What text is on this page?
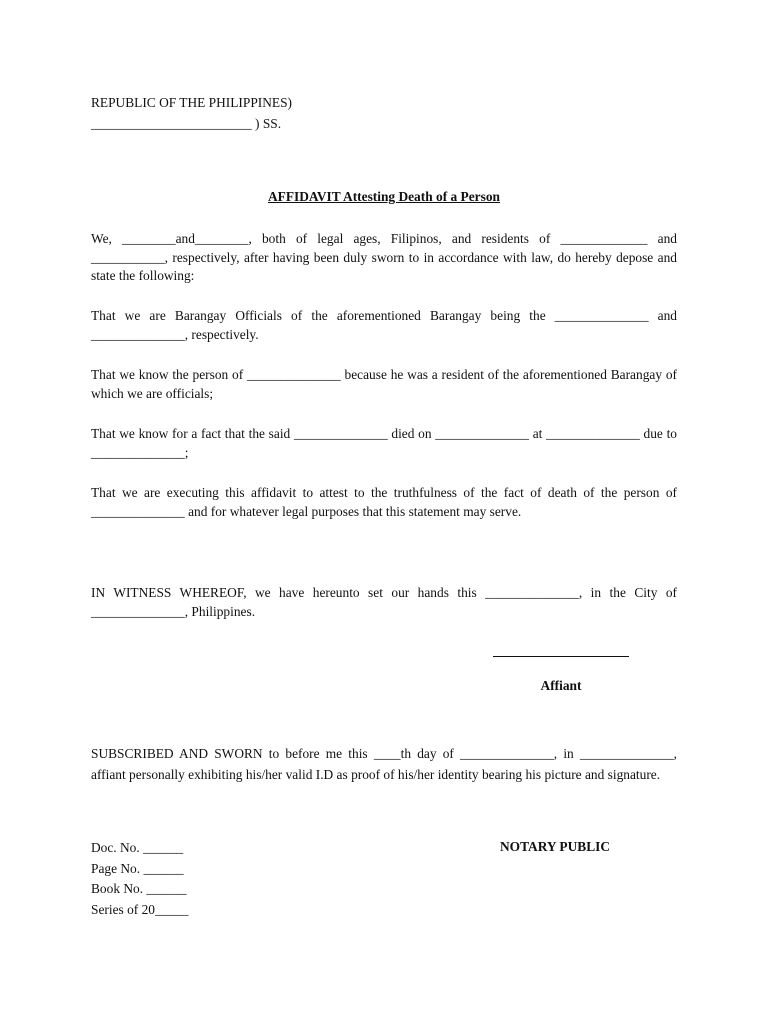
REPUBLIC OF THE PHILIPPINES)
________________________ ) SS.
AFFIDAVIT Attesting Death of a Person
We, ________and________, both of legal ages, Filipinos, and residents of _____________ and ___________, respectively, after having been duly sworn to in accordance with law, do hereby depose and state the following:
That we are Barangay Officials of the aforementioned Barangay being the ______________ and ______________, respectively.
That we know the person of ______________ because he was a resident of the aforementioned Barangay of which we are officials;
That we know for a fact that the said ______________ died on ______________ at ______________ due to ______________;
That we are executing this affidavit to attest to the truthfulness of the fact of death of the person of ______________ and for whatever legal purposes that this statement may serve.
IN WITNESS WHEREOF, we have hereunto set our hands this ______________, in the City of ______________, Philippines.
Affiant
SUBSCRIBED AND SWORN to before me this ____th day of ______________, in ______________, affiant personally exhibiting his/her valid I.D as proof of his/her identity bearing his picture and signature.
Doc. No. ______
Page No. ______
Book No. ______
Series of 20_____
NOTARY PUBLIC
